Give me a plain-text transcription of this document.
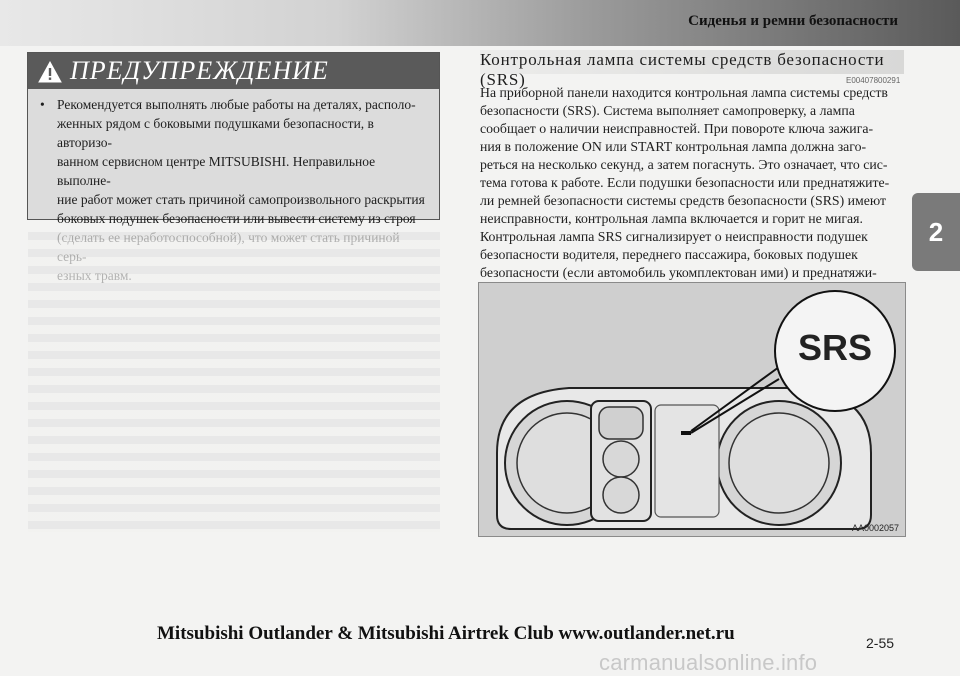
Сиденья и ремни безопасности
2
ПРЕДУПРЕЖДЕНИЕ
• Рекомендуется выполнять любые работы на деталях, располо-
женных рядом с боковыми подушками безопасности, в авторизо-
ванном сервисном центре MITSUBISHI. Неправильное выполне-
ние работ может стать причиной самопроизвольного раскрытия
боковых подушек безопасности или вывести систему из строя

Контрольная лампа системы средств безопасности (SRS)	E00407800291

На приборной панели находится контрольная лампа системы средств
безопасности (SRS). Система выполняет самопроверку, а лампа
сообщает о наличии неисправностей. При повороте ключа зажига-
ния в положение ON или START контрольная лампа должна заго-
реться на несколько секунд, а затем погаснуть. Это означает, что сис-
тема готова к работе. Если подушки безопасности или преднатяжите-
ли ремней безопасности системы средств безопасности (SRS) имеют
неисправности, контрольная лампа включается и горит не мигая.

Контрольная лампа SRS сигнализирует о неисправности подушек
безопасности водителя, переднего пассажира, боковых подушек
безопасности (если автомобиль укомплектован ими) и преднатяжи-

SRS
AA0002057
Mitsubishi Outlander & Mitsubishi Airtrek Club www.outlander.net.ru	2-55
carmanualsonline.info
